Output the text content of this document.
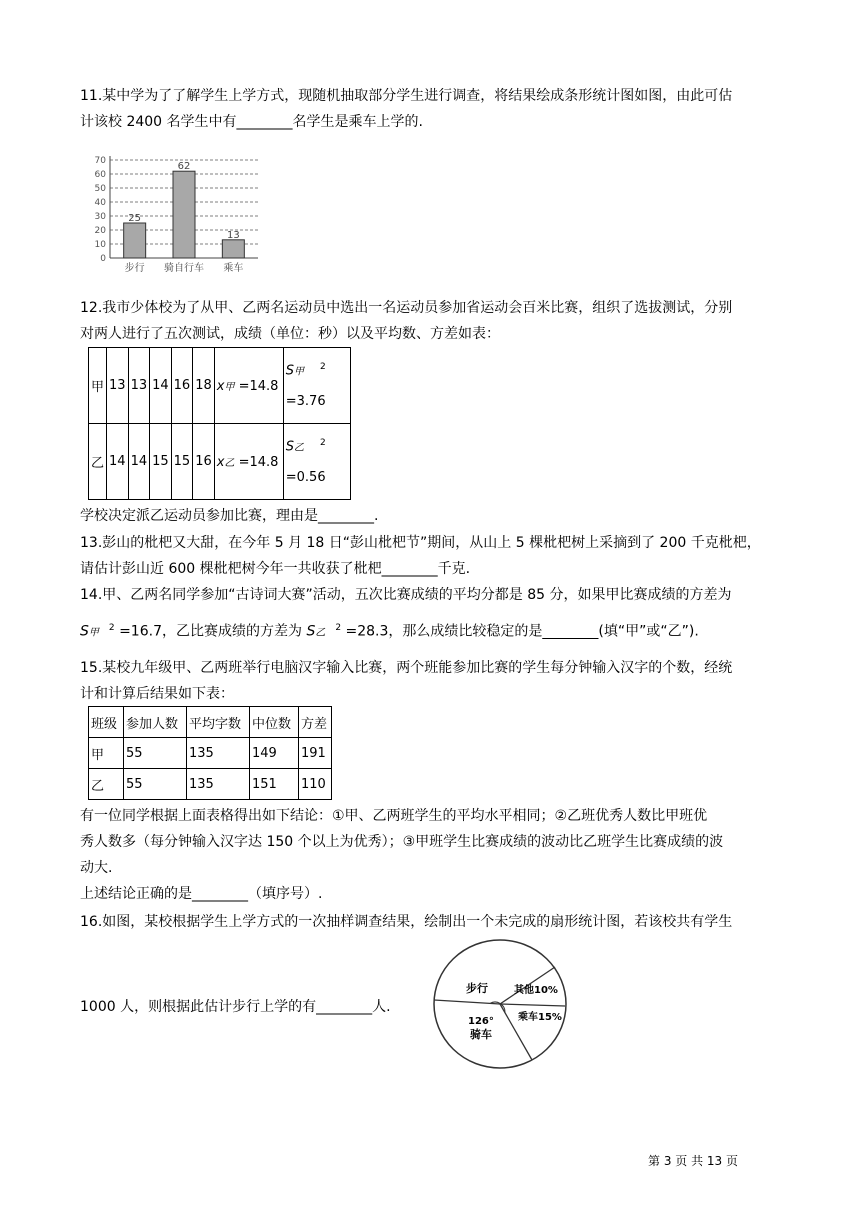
11.某中学为了了解学生上学方式，现随机抽取部分学生进行调查，将结果绘成条形统计图如图，由此可估
计该校 2400 名学生中有________名学生是乘车上学的.
0
10
20
30
40
50
60
70
25
步行
62
骑自行车
13
乘车
12.我市少体校为了从甲、乙两名运动员中选出一名运动员参加省运动会百米比赛，组织了选拔测试，分别
对两人进行了五次测试，成绩（单位：秒）以及平均数、方差如表：
甲	13	13	14	16	18	x甲 =14.8	S甲 $^2$

=3.76
乙	14	14	15	15	16	x乙 =14.8	S乙 $^2$

=0.56
学校决定派乙运动员参加比赛，理由是________.
13.彭山的枇杷又大甜，在今年 5 月 18 日“彭山枇杷节”期间，从山上 5 棵枇杷树上采摘到了 200 千克枇杷，
请估计彭山近 600 棵枇杷树今年一共收获了枇杷________千克.
14.甲、乙两名同学参加“古诗词大赛”活动，五次比赛成绩的平均分都是 85 分，如果甲比赛成绩的方差为
S甲 $^2$ =16.7，乙比赛成绩的方差为 S乙 $^2$ =28.3，那么成绩比较稳定的是________(填“甲”或“乙”).
15.某校九年级甲、乙两班举行电脑汉字输入比赛，两个班能参加比赛的学生每分钟输入汉字的个数，经统
计和计算后结果如下表：
班级	参加人数	平均字数	中位数	方差
甲	55	135	149	191
乙	55	135	151	110
有一位同学根据上面表格得出如下结论：①甲、乙两班学生的平均水平相同；②乙班优秀人数比甲班优
秀人数多（每分钟输入汉字达 150 个以上为优秀）；③甲班学生比赛成绩的波动比乙班学生比赛成绩的波
动大.
上述结论正确的是________（填序号）.
16.如图，某校根据学生上学方式的一次抽样调查结果，绘制出一个未完成的扇形统计图，若该校共有学生
1000 人，则根据此估计步行上学的有________人.
步行	其他10%
乘车15%
126°
骑车
第 3 页 共 13 页
